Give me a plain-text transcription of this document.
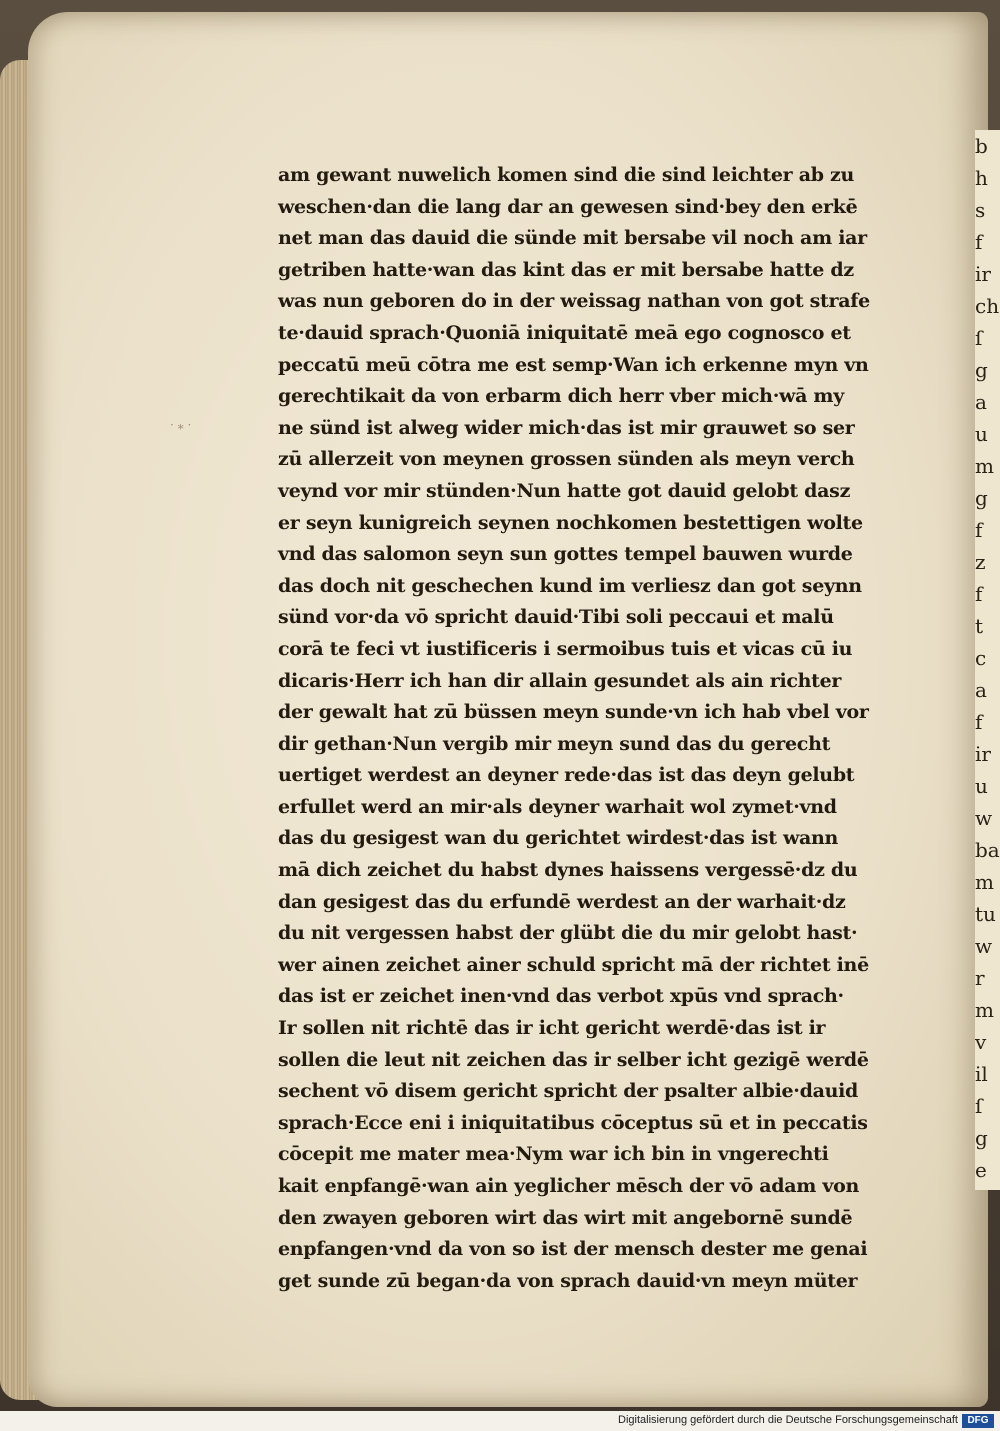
b
h
s
f
ir
ch
ſ
g
a
u
m
g
f
z
f
t
c
a
f
ir
u
w
ba
m
tu
w
r
m
v
il
ſ
g
e
· ⁎ ·
am gewant nuwelich komen sind die sind leichter ab zu
weschen·dan die lang dar an gewesen sind·bey den erkē
net man das dauid die sünde mit bersabe vil noch am iar
getriben hatte·wan das kint das er mit bersabe hatte dz
was nun geboren do in der weissag nathan von got strafe
te·dauid sprach·Quoniā iniquitatē meā ego cognosco et
peccatū meū cōtra me est semp·Wan ich erkenne myn vn
gerechtikait da von erbarm dich herr vber mich·wā my
ne sünd ist alweg wider mich·das ist mir grauwet so ser
zū allerzeit von meynen grossen sünden als meyn verch
veynd vor mir stünden·Nun hatte got dauid gelobt dasz
er seyn kunigreich seynen nochkomen bestettigen wolte
vnd das salomon seyn sun gottes tempel bauwen wurde
das doch nit geschechen kund im verliesz dan got seynn
sünd vor·da vō spricht dauid·Tibi soli peccaui et malū
corā te feci vt iustificeris i sermoibus tuis et vicas cū iu
dicaris·Herr ich han dir allain gesundet als ain richter
der gewalt hat zū büssen meyn sunde·vn ich hab vbel vor
dir gethan·Nun vergib mir meyn sund das du gerecht
uertiget werdest an deyner rede·das ist das deyn gelubt
erfullet werd an mir·als deyner warhait wol zymet·vnd
das du gesigest wan du gerichtet wirdest·das ist wann
mā dich zeichet du habst dynes haissens vergessē·dz du
dan gesigest das du erfundē werdest an der warhait·dz
du nit vergessen habst der glübt die du mir gelobt hast·
wer ainen zeichet ainer schuld spricht mā der richtet inē
das ist er zeichet inen·vnd das verbot xpūs vnd sprach·
Ir sollen nit richtē das ir icht gericht werdē·das ist ir
sollen die leut nit zeichen das ir selber icht gezigē werdē
sechent vō disem gericht spricht der psalter albie·dauid
sprach·Ecce eni i iniquitatibus cōceptus sū et in peccatis
cōcepit me mater mea·Nym war ich bin in vngerechti
kait enpfangē·wan ain yeglicher mēsch der vō adam von
den zwayen geboren wirt das wirt mit angebornē sundē
enpfangen·vnd da von so ist der mensch dester me genai
get sunde zū began·da von sprach dauid·vn meyn müter
Digitalisierung gefördert durch die Deutsche Forschungsgemeinschaft DFG
